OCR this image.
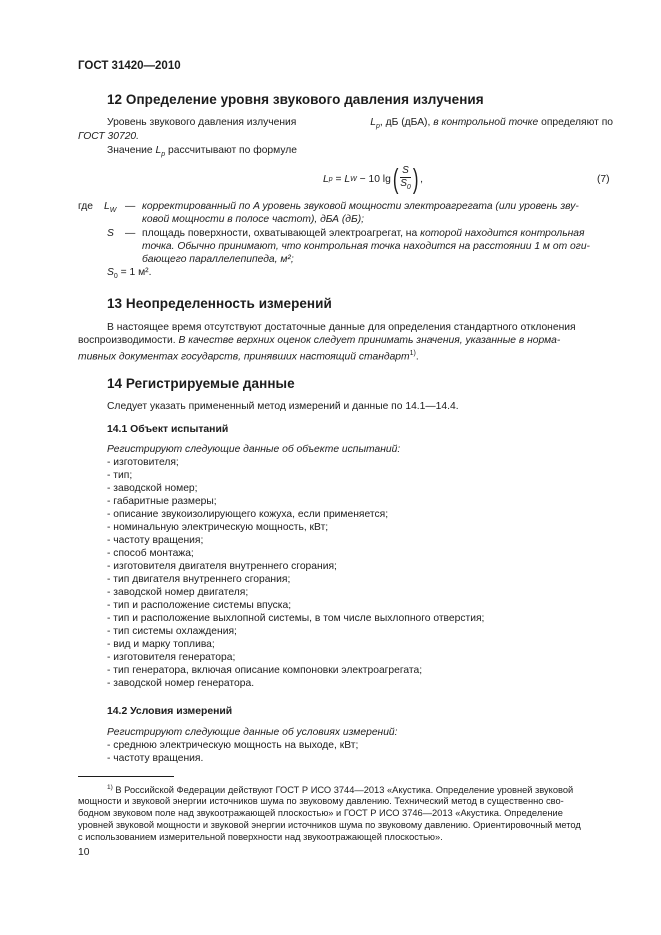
ГОСТ 31420—2010
12 Определение уровня звукового давления излучения
Уровень звукового давления излучения	$L_p$, дБ (дБА), в контрольной точке определяют по
ГОСТ 30720.
Значение $L_p$ рассчитывают по формуле
L p = L W − 10 lg ( $\frac{S}{S_0}$ ) ,	(7)
где $L_W$ — корректированный по A уровень звуковой мощности электроагрегата (или уровень зву-
ковой мощности в полосе частот), дБА (дБ);
S — площадь поверхности, охватывающей электроагрегат, на которой находится контрольная
точка. Обычно принимают, что контрольная точка находится на расстоянии 1 м от оги-
бающего параллелепипеда, м²;
$S_0 = 1$ м².
13 Неопределенность измерений
В настоящее время отсутствуют достаточные данные для определения стандартного отклонения
воспроизводимости. В качестве верхних оценок следует принимать значения, указанные в норма-
тивных документах государств, принявших настоящий стандарт$^{1)}$.
14 Регистрируемые данные
Следует указать примененный метод измерений и данные по 14.1—14.4.
14.1 Объект испытаний
Регистрируют следующие данные об объекте испытаний:
- изготовителя;
- тип;
- заводской номер;
- габаритные размеры;
- описание звукоизолирующего кожуха, если применяется;
- номинальную электрическую мощность, кВт;
- частоту вращения;
- способ монтажа;
- изготовителя двигателя внутреннего сгорания;
- тип двигателя внутреннего сгорания;
- заводской номер двигателя;
- тип и расположение системы впуска;
- тип и расположение выхлопной системы, в том числе выхлопного отверстия;
- тип системы охлаждения;
- вид и марку топлива;
- изготовителя генератора;
- тип генератора, включая описание компоновки электроагрегата;
- заводской номер генератора.
14.2 Условия измерений
Регистрируют следующие данные об условиях измерений:
- среднюю электрическую мощность на выходе, кВт;
- частоту вращения.
$^{1)}$ В Российской Федерации действуют ГОСТ Р ИСО 3744—2013 «Акустика. Определение уровней звуковой
мощности и звуковой энергии источников шума по звуковому давлению. Технический метод в существенно сво-
бодном звуковом поле над звукоотражающей плоскостью» и ГОСТ Р ИСО 3746—2013 «Акустика. Определение
уровней звуковой мощности и звуковой энергии источников шума по звуковому давлению. Ориентировочный метод
с использованием измерительной поверхности над звукоотражающей плоскостью».
10
